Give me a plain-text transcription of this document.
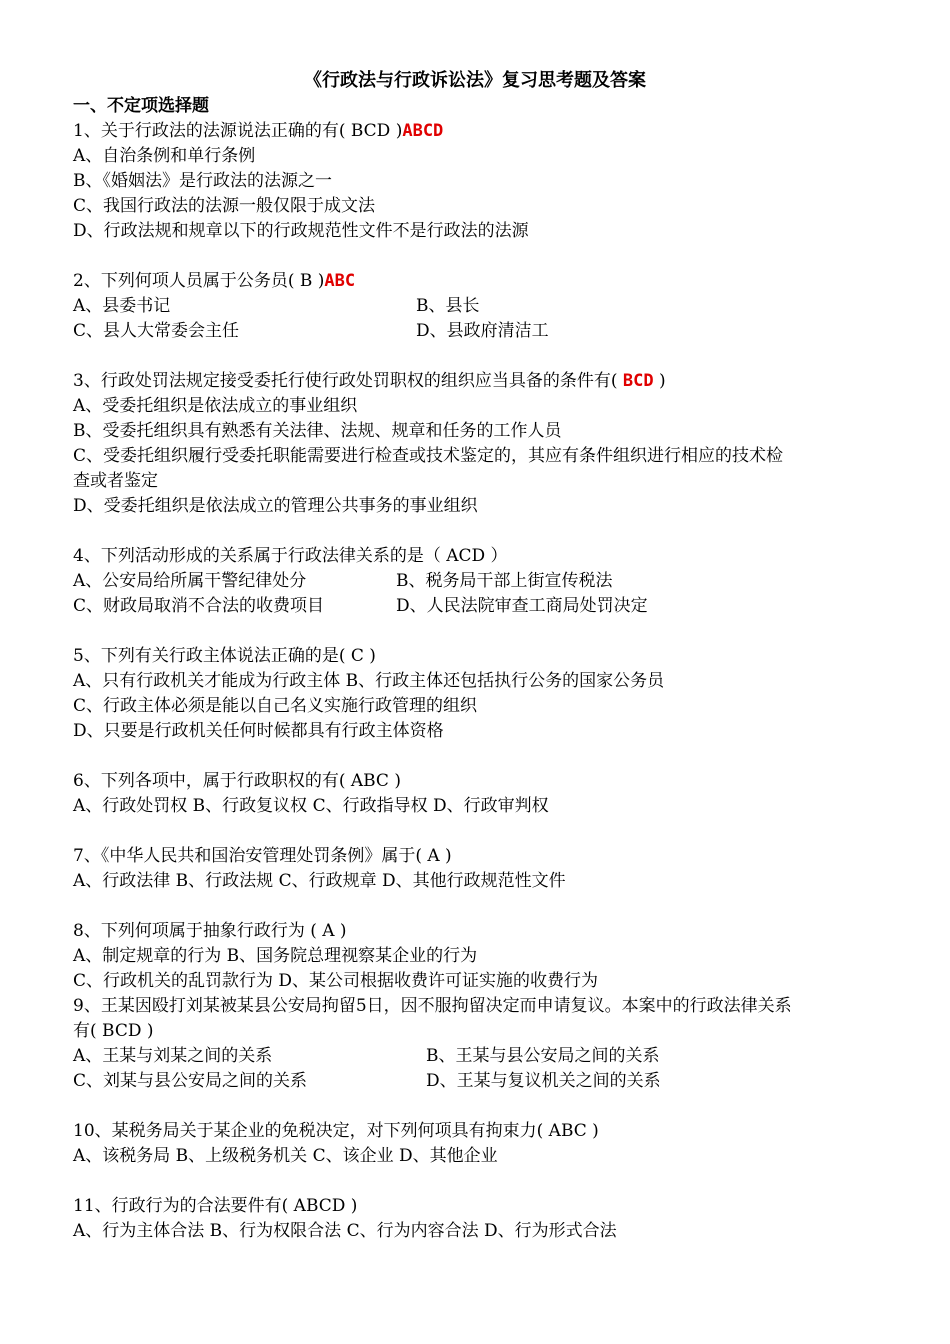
《行政法与行政诉讼法》复习思考题及答案
一、不定项选择题
1、关于行政法的法源说法正确的有( BCD )ABCD
A、自治条例和单行条例
B、《婚姻法》是行政法的法源之一
C、我国行政法的法源一般仅限于成文法
D、行政法规和规章以下的行政规范性文件不是行政法的法源
2、下列何项人员属于公务员( B )ABC
A、县委书记	B、县长
C、县人大常委会主任	D、县政府清洁工
3、行政处罚法规定接受委托行使行政处罚职权的组织应当具备的条件有( BCD )
A、受委托组织是依法成立的事业组织
B、受委托组织具有熟悉有关法律、法规、规章和任务的工作人员
C、受委托组织履行受委托职能需要进行检查或技术鉴定的，其应有条件组织进行相应的技术检
查或者鉴定
D、受委托组织是依法成立的管理公共事务的事业组织
4、下列活动形成的关系属于行政法律关系的是（ ACD ）
A、公安局给所属干警纪律处分	B、税务局干部上街宣传税法
C、财政局取消不合法的收费项目	D、人民法院审查工商局处罚决定
5、下列有关行政主体说法正确的是( C )
A、只有行政机关才能成为行政主体 B、行政主体还包括执行公务的国家公务员
C、行政主体必须是能以自己名义实施行政管理的组织
D、只要是行政机关任何时候都具有行政主体资格
6、下列各项中，属于行政职权的有( ABC )
A、行政处罚权 B、行政复议权 C、行政指导权 D、行政审判权
7、《中华人民共和国治安管理处罚条例》属于( A )
A、行政法律 B、行政法规 C、行政规章 D、其他行政规范性文件
8、下列何项属于抽象行政行为 ( A )
A、制定规章的行为 B、国务院总理视察某企业的行为
C、行政机关的乱罚款行为 D、某公司根据收费许可证实施的收费行为
9、王某因殴打刘某被某县公安局拘留5日，因不服拘留决定而申请复议。本案中的行政法律关系
有( BCD )
A、王某与刘某之间的关系	B、王某与县公安局之间的关系
C、刘某与县公安局之间的关系	D、王某与复议机关之间的关系
10、某税务局关于某企业的免税决定，对下列何项具有拘束力( ABC )
A、该税务局 B、上级税务机关 C、该企业 D、其他企业
11、行政行为的合法要件有( ABCD )
A、行为主体合法 B、行为权限合法 C、行为内容合法 D、行为形式合法
